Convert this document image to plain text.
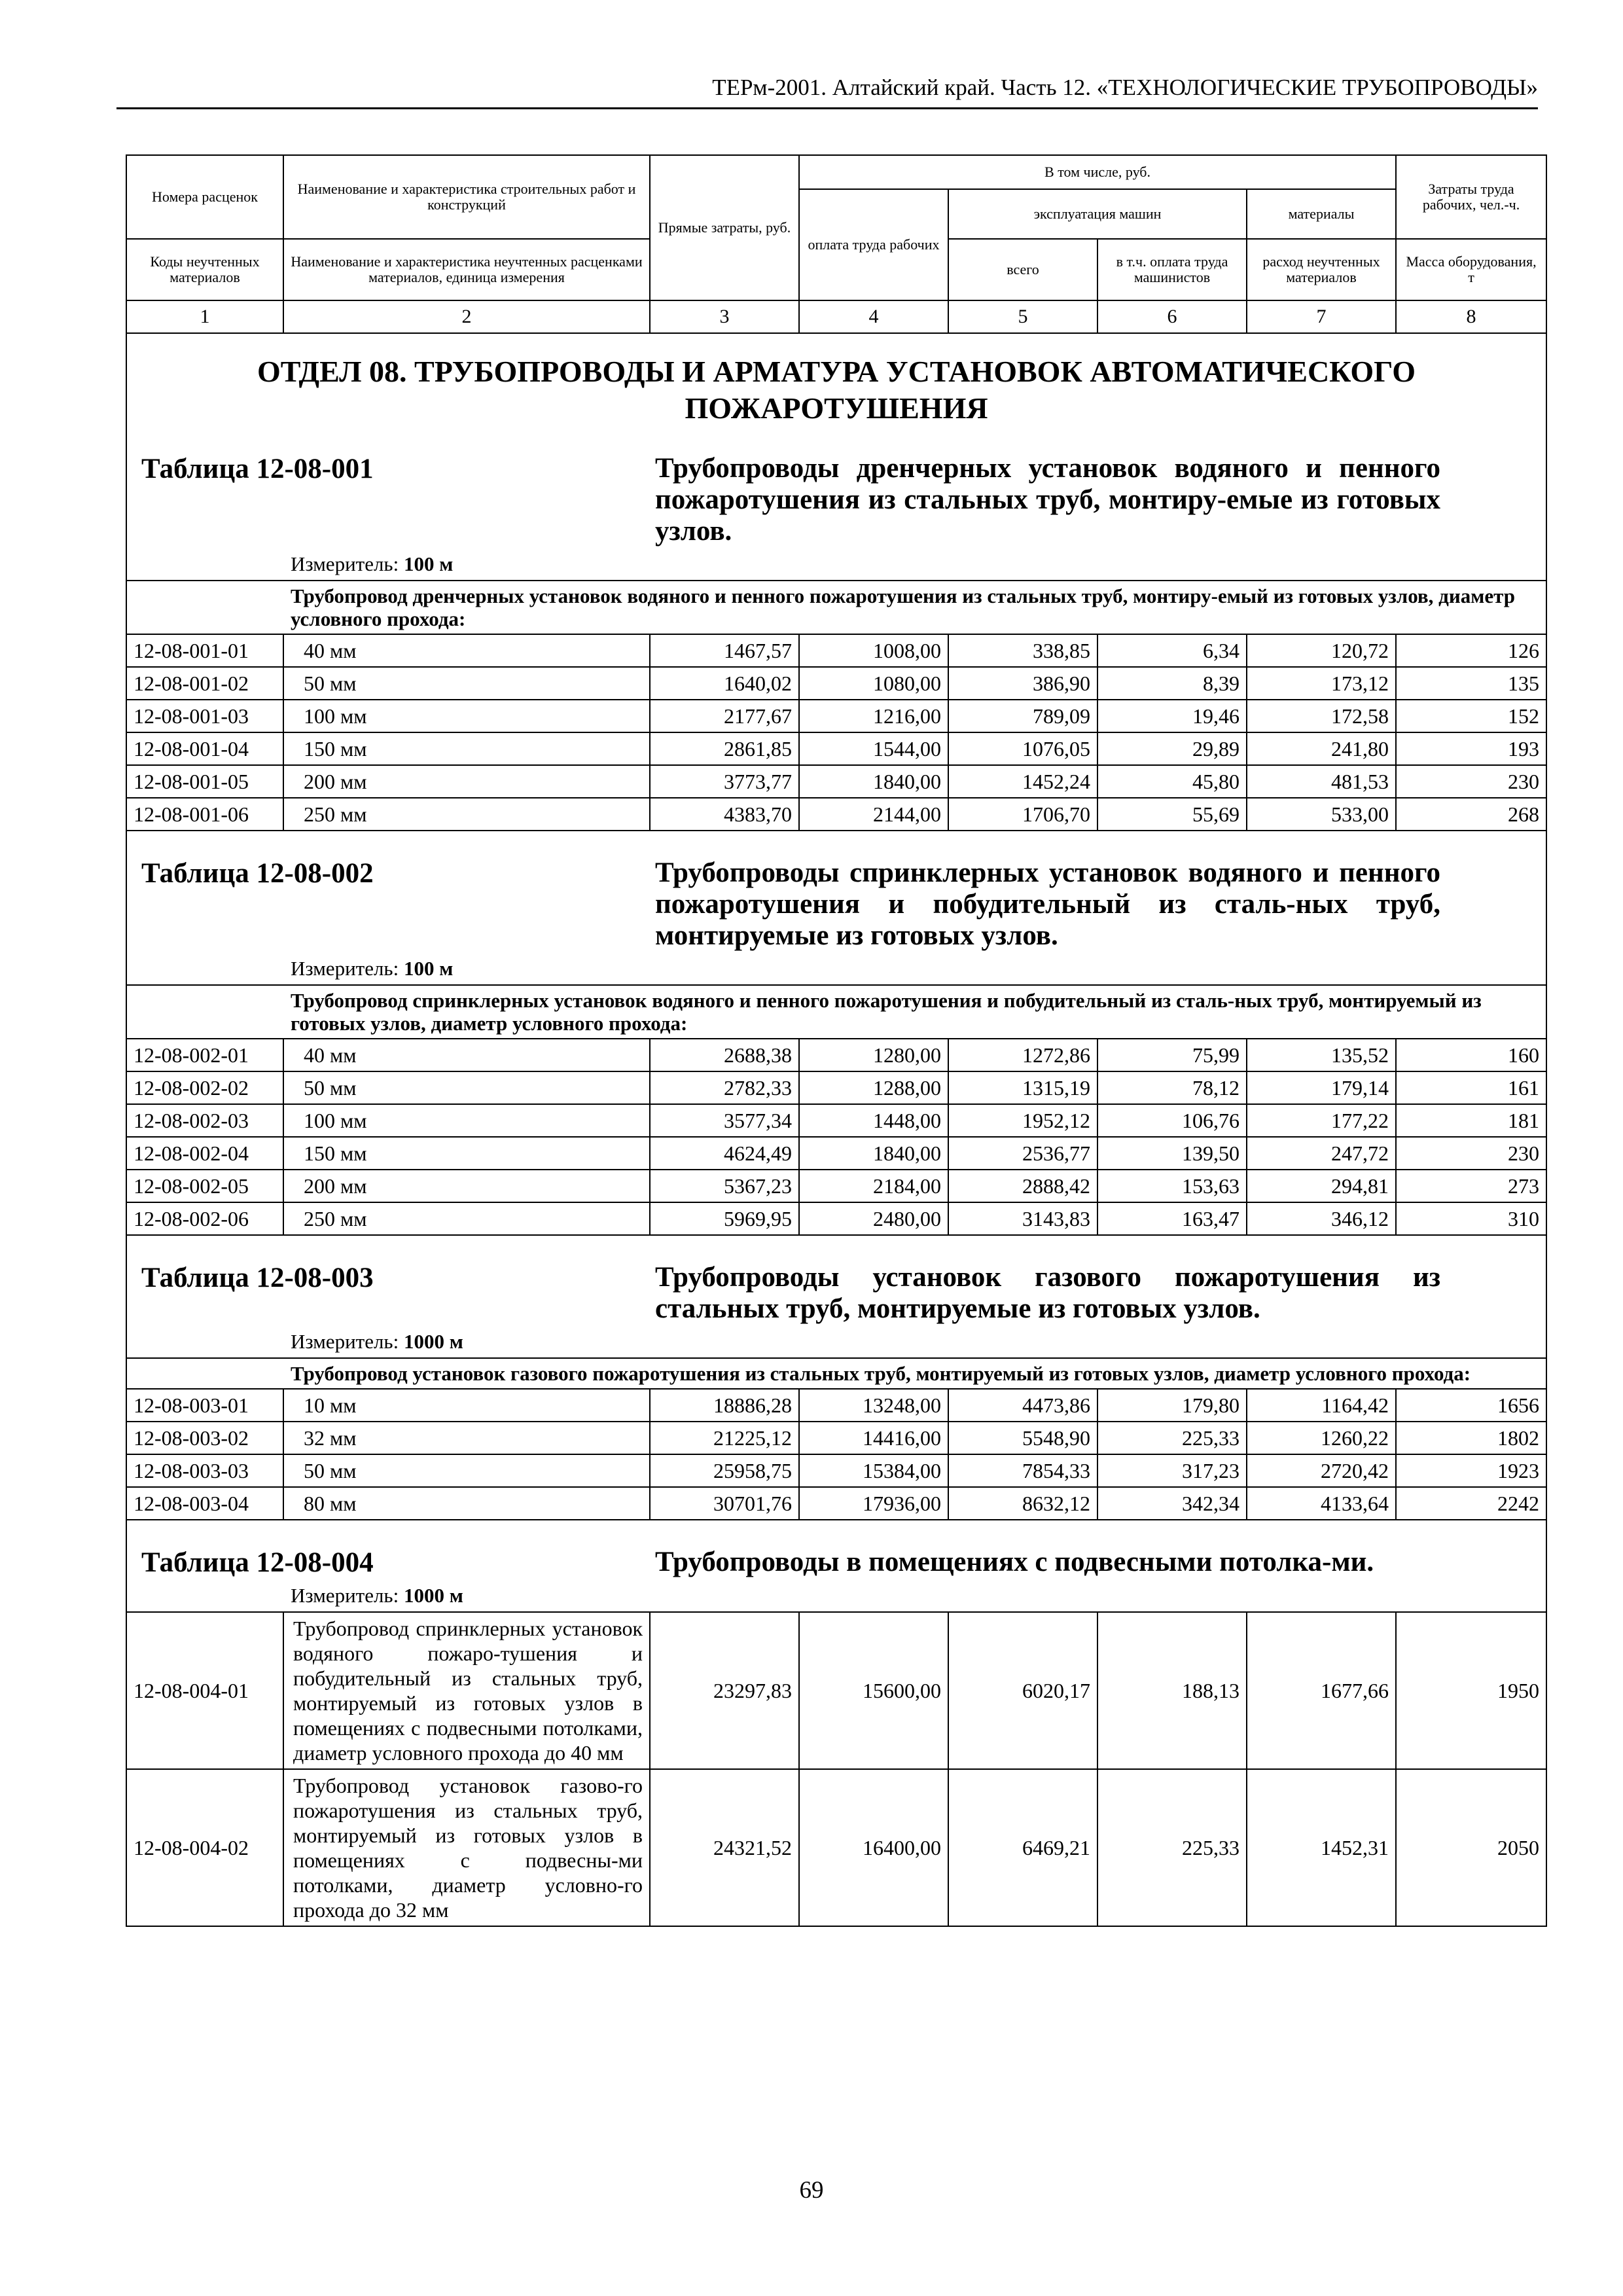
ТЕРм-2001. Алтайский край. Часть 12. «ТЕХНОЛОГИЧЕСКИЕ ТРУБОПРОВОДЫ»
Номера расценок	Наименование и характеристика строительных работ и конструкций	Прямые затраты, руб.	В том числе, руб.				Затраты труда рабочих, чел.-ч.
			оплата труда рабочих	эксплуатация машин		материалы	

Коды неучтенных материалов	Наименование и характеристика неучтенных расценками материалов, единица измерения			всего	в т.ч. оплата труда машинистов	расход неучтенных материалов	Масса оборудования, т

1	2	3	4	5	6	7	8

ОТДЕЛ 08. ТРУБОПРОВОДЫ И АРМАТУРА УСТАНОВОК АВТОМАТИЧЕСКОГО ПОЖАРОТУШЕНИЯ							

Таблица 12-08-001 Трубопроводы дренчерных установок водяного и пенного пожаротушения из стальных труб, монтиру-емые из готовых узлов.
Измеритель: 100 м							

Трубопровод дренчерных установок водяного и пенного пожаротушения из стальных труб, монтиру-емый из готовых узлов, диаметр условного прохода:							
12-08-001-01	40 мм	1467,57	1008,00	338,85	6,34	120,72	126
12-08-001-02	50 мм	1640,02	1080,00	386,90	8,39	173,12	135
12-08-001-03	100 мм	2177,67	1216,00	789,09	19,46	172,58	152
12-08-001-04	150 мм	2861,85	1544,00	1076,05	29,89	241,80	193
12-08-001-05	200 мм	3773,77	1840,00	1452,24	45,80	481,53	230
12-08-001-06	250 мм	4383,70	2144,00	1706,70	55,69	533,00	268

Таблица 12-08-002 Трубопроводы спринклерных установок водяного и пенного пожаротушения и побудительный из сталь-ных труб, монтируемые из готовых узлов.
Измеритель: 100 м							

Трубопровод спринклерных установок водяного и пенного пожаротушения и побудительный из сталь-ных труб, монтируемый из готовых узлов, диаметр условного прохода:							
12-08-002-01	40 мм	2688,38	1280,00	1272,86	75,99	135,52	160
12-08-002-02	50 мм	2782,33	1288,00	1315,19	78,12	179,14	161
12-08-002-03	100 мм	3577,34	1448,00	1952,12	106,76	177,22	181
12-08-002-04	150 мм	4624,49	1840,00	2536,77	139,50	247,72	230
12-08-002-05	200 мм	5367,23	2184,00	2888,42	153,63	294,81	273
12-08-002-06	250 мм	5969,95	2480,00	3143,83	163,47	346,12	310

Таблица 12-08-003 Трубопроводы установок газового пожаротушения из стальных труб, монтируемые из готовых узлов.
Измеритель: 1000 м							

Трубопровод установок газового пожаротушения из стальных труб, монтируемый из готовых узлов, диаметр условного прохода:							
12-08-003-01	10 мм	18886,28	13248,00	4473,86	179,80	1164,42	1656
12-08-003-02	32 мм	21225,12	14416,00	5548,90	225,33	1260,22	1802
12-08-003-03	50 мм	25958,75	15384,00	7854,33	317,23	2720,42	1923
12-08-003-04	80 мм	30701,76	17936,00	8632,12	342,34	4133,64	2242

Таблица 12-08-004 Трубопроводы в помещениях с подвесными потолка-ми.
Измеритель: 1000 м							

12-08-004-01	Трубопровод спринклерных установок водяного пожаро-тушения и побудительный из стальных труб, монтируемый из готовых узлов в помещениях с подвесными потолками, диаметр условного прохода до 40 мм	23297,83	15600,00	6020,17	188,13	1677,66	1950
12-08-004-02	Трубопровод установок газово-го пожаротушения из стальных труб, монтируемый из готовых узлов в помещениях с подвесны-ми потолками, диаметр условно-го прохода до 32 мм	24321,52	16400,00	6469,21	225,33	1452,31	2050
69
